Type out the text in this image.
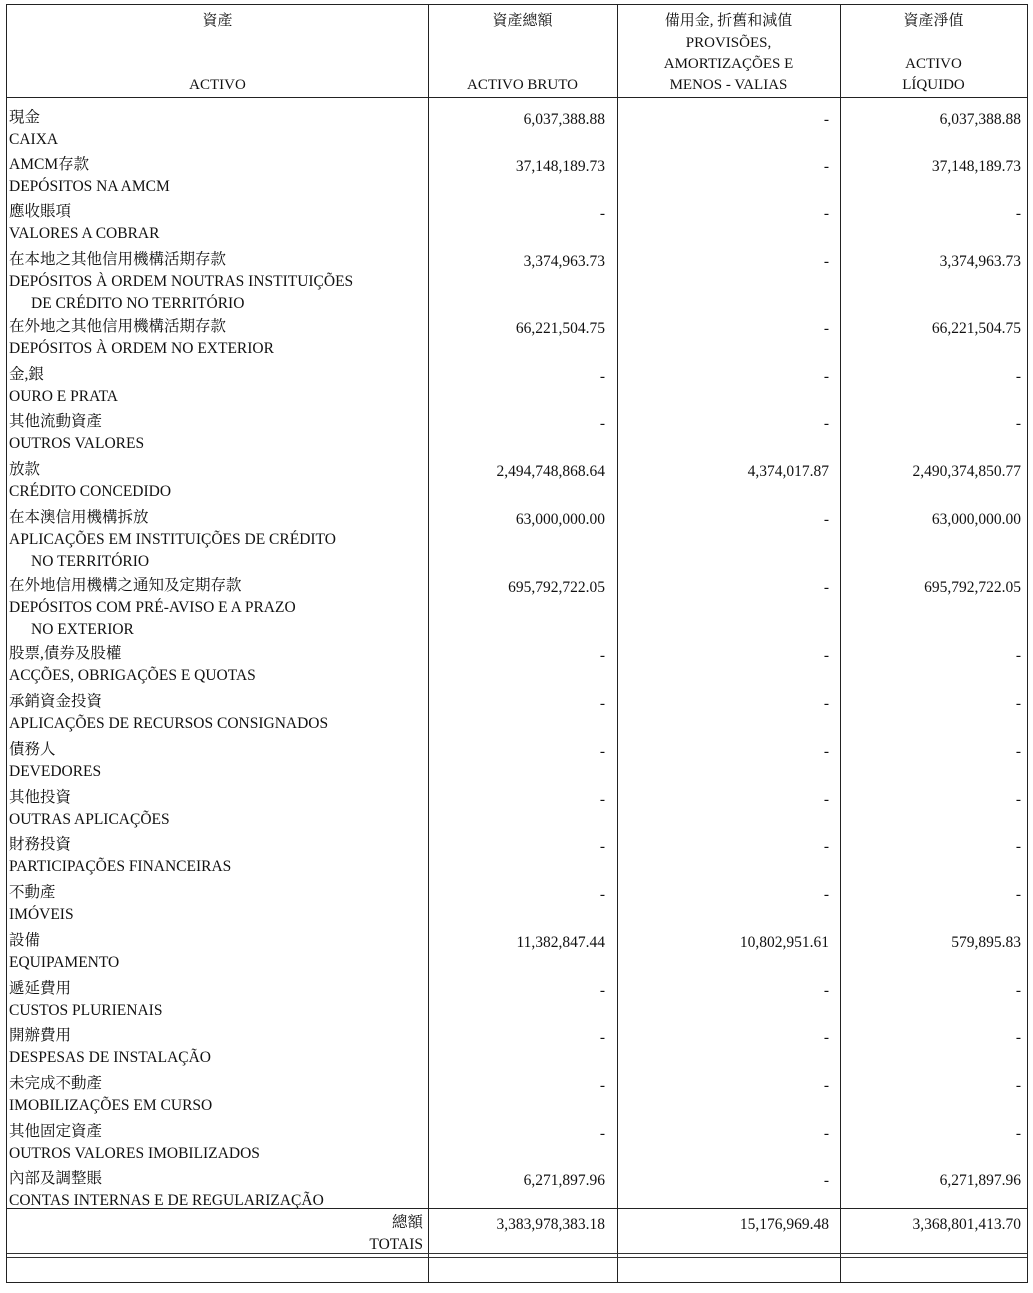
資產
ACTIVO
資產總額
ACTIVO BRUTO
備用金, 折舊和減值
PROVISÕES,
AMORTIZAÇÕES E
MENOS - VALIAS
資產淨值
ACTIVO
LÍQUIDO
現金
CAIXA
6,037,388.88	-	6,037,388.88
AMCM存款
DEPÓSITOS NA AMCM
37,148,189.73	-	37,148,189.73
應收賬項
VALORES A COBRAR
-	-	-
在本地之其他信用機構活期存款
DEPÓSITOS À ORDEM NOUTRAS INSTITUIÇÕES
DE CRÉDITO NO TERRITÓRIO
3,374,963.73	-	3,374,963.73
在外地之其他信用機構活期存款
DEPÓSITOS À ORDEM NO EXTERIOR
66,221,504.75	-	66,221,504.75
金,銀
OURO E PRATA
-	-	-
其他流動資產
OUTROS VALORES
-	-	-
放款
CRÉDITO CONCEDIDO
2,494,748,868.64	4,374,017.87	2,490,374,850.77
在本澳信用機構拆放
APLICAÇÕES EM INSTITUIÇÕES DE CRÉDITO
NO TERRITÓRIO
63,000,000.00	-	63,000,000.00
在外地信用機構之通知及定期存款
DEPÓSITOS COM PRÉ-AVISO E A PRAZO
NO EXTERIOR
695,792,722.05	-	695,792,722.05
股票,債券及股權
ACÇÕES, OBRIGAÇÕES E QUOTAS
-	-	-
承銷資金投資
APLICAÇÕES DE RECURSOS CONSIGNADOS
-	-	-
債務人
DEVEDORES
-	-	-
其他投資
OUTRAS APLICAÇÕES
-	-	-
財務投資
PARTICIPAÇÕES FINANCEIRAS
-	-	-
不動產
IMÓVEIS
-	-	-
設備
EQUIPAMENTO
11,382,847.44	10,802,951.61	579,895.83
遞延費用
CUSTOS PLURIENAIS
-	-	-
開辦費用
DESPESAS DE INSTALAÇÃO
-	-	-
未完成不動產
IMOBILIZAÇÕES EM CURSO
-	-	-
其他固定資產
OUTROS VALORES IMOBILIZADOS
-	-	-
內部及調整賬
CONTAS INTERNAS E DE REGULARIZAÇÃO
6,271,897.96	-	6,271,897.96
總額
TOTAIS
3,383,978,383.18	15,176,969.48	3,368,801,413.70
